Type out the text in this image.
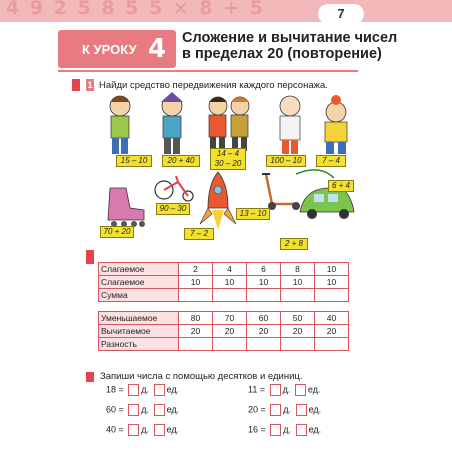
4 9 2 5 8 5 5 × 8 + 5	7
К УРОКУ 4 Сложение и вычитание чисел
в пределах 20 (повторение)
1 Найди средство передвижения каждого персонажа.
15 – 10	20 + 40
14 – 4
30 – 20	100 – 10	7 – 4
70 + 20
90 – 30
7 – 2
13 – 10
6 + 4
2 + 8
Слагаемое	2	4	6	8	10
Слагаемое	10	10	10	10	10
Сумма					
Уменьшаемое	80	70	60	50	40
Вычитаемое	20	20	20	20	20
Разность					
Запиши числа с помощью десятков и единиц.
18 = д. ед.
60 = д. ед.
40 = д. ед.
11 = д. ед.
20 = д. ед.
16 = д. ед.
